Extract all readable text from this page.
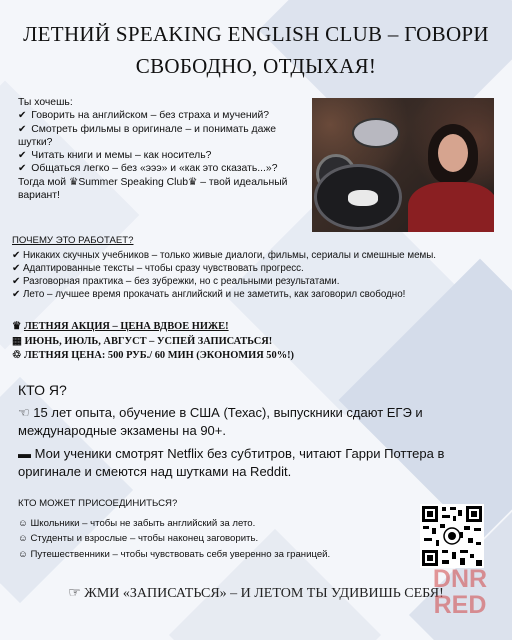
ЛЕТНИЙ SPEAKING ENGLISH CLUB – ГОВОРИ
СВОБОДНО, ОТДЫХАЯ!

Ты хочешь:

✔ Говорить на английском – без страха и мучений?

✔ Смотреть фильмы в оригинале – и понимать даже шутки?

✔ Читать книги и мемы – как носитель?

✔ Общаться легко – без «эээ» и «как это сказать...»?

Тогда мой ♛Summer Speaking Club♛ – твой идеальный вариант!

ПОЧЕМУ ЭТО РАБОТАЕТ?
✔ Никаких скучных учебников – только живые диалоги, фильмы, сериалы и смешные мемы.
✔ Адаптированные тексты – чтобы сразу чувствовать прогресс.
✔ Разговорная практика – без зубрежки, но с реальными результатами.
✔ Лето – лучшее время прокачать английский и не заметить, как заговорил свободно!
♛ ЛЕТНЯЯ АКЦИЯ – ЦЕНА ВДВОЕ НИЖЕ!
▦ ИЮНЬ, ИЮЛЬ, АВГУСТ – УСПЕЙ ЗАПИСАТЬСЯ!
♲ ЛЕТНЯЯ ЦЕНА: 500 РУБ./ 60 МИН (ЭКОНОМИЯ 50%!)
КТО Я?
☜ 15 лет опыта, обучение в США (Техас), выпускники сдают ЕГЭ и международные экзамены на 90+.
▬ Мои ученики смотрят Netflix без субтитров, читают Гарри Поттера в оригинале и смеются над шутками на Reddit.
КТО МОЖЕТ ПРИСОЕДИНИТЬСЯ?
☺ Школьники – чтобы не забыть английский за лето.
☺ Студенты и взрослые – чтобы наконец заговорить.
☺ Путешественники – чтобы чувствовать себя уверенно за границей.
☞ ЖМИ «ЗАПИСАТЬСЯ» – И ЛЕТОМ ТЫ УДИВИШЬ СЕБЯ!
DNR
RED
